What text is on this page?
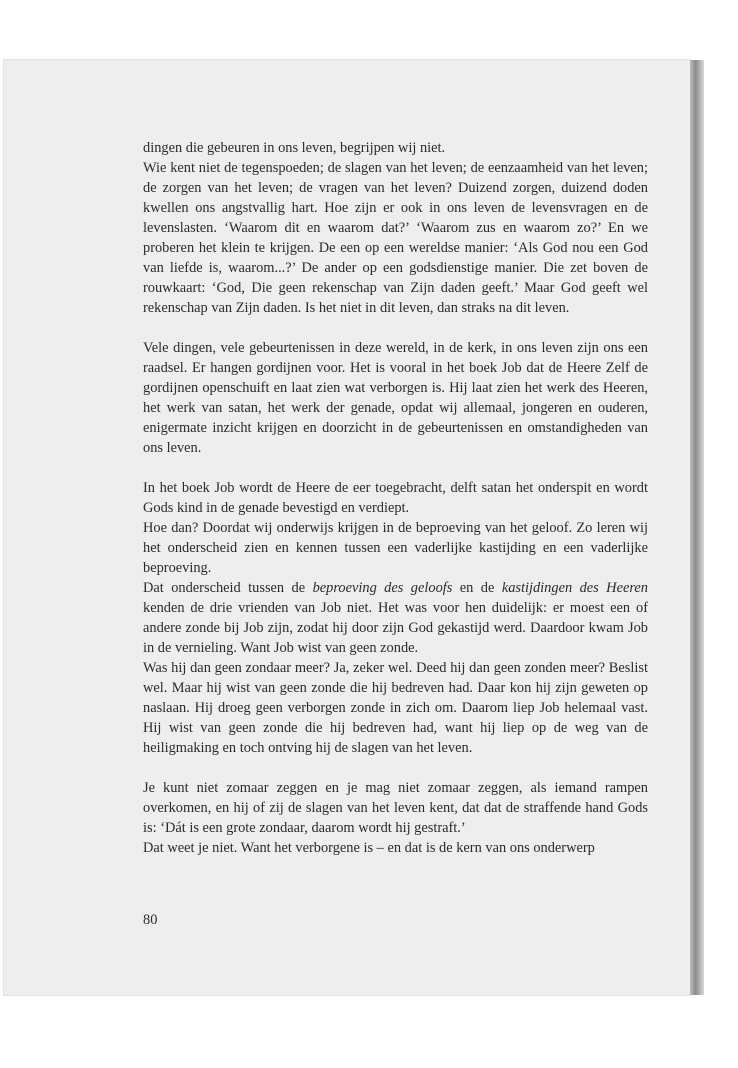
dingen die gebeuren in ons leven, begrijpen wij niet.

Wie kent niet de tegenspoeden; de slagen van het leven; de eenzaamheid van het leven; de zorgen van het leven; de vragen van het leven? Duizend zorgen, duizend doden kwellen ons angstvallig hart. Hoe zijn er ook in ons leven de levensvragen en de levenslasten. ‘Waarom dit en waarom dat?’ ‘Waarom zus en waarom zo?’ En we proberen het klein te krijgen. De een op een wereldse manier: ‘Als God nou een God van liefde is, waarom...?’ De ander op een godsdienstige manier. Die zet boven de rouwkaart: ‘God, Die geen rekenschap van Zijn daden geeft.’ Maar God geeft wel rekenschap van Zijn daden. Is het niet in dit leven, dan straks na dit leven.

Vele dingen, vele gebeurtenissen in deze wereld, in de kerk, in ons leven zijn ons een raadsel. Er hangen gordijnen voor. Het is vooral in het boek Job dat de Heere Zelf de gordijnen openschuift en laat zien wat verborgen is. Hij laat zien het werk des Heeren, het werk van satan, het werk der genade, opdat wij allemaal, jongeren en ouderen, enigermate inzicht krijgen en doorzicht in de gebeurtenissen en omstandigheden van ons leven.

In het boek Job wordt de Heere de eer toegebracht, delft satan het onderspit en wordt Gods kind in de genade bevestigd en verdiept.

Hoe dan? Doordat wij onderwijs krijgen in de beproeving van het geloof. Zo leren wij het onderscheid zien en kennen tussen een vaderlijke kastijding en een vaderlijke beproeving.

Dat onderscheid tussen de beproeving des geloofs en de kastijdingen des Heeren kenden de drie vrienden van Job niet. Het was voor hen duidelijk: er moest een of andere zonde bij Job zijn, zodat hij door zijn God gekastijd werd. Daardoor kwam Job in de vernieling. Want Job wist van geen zonde.

Was hij dan geen zondaar meer? Ja, zeker wel. Deed hij dan geen zonden meer? Beslist wel. Maar hij wist van geen zonde die hij bedreven had. Daar kon hij zijn geweten op naslaan. Hij droeg geen verborgen zonde in zich om. Daarom liep Job helemaal vast. Hij wist van geen zonde die hij bedreven had, want hij liep op de weg van de heiligmaking en toch ontving hij de slagen van het leven.

Je kunt niet zomaar zeggen en je mag niet zomaar zeggen, als iemand rampen overkomen, en hij of zij de slagen van het leven kent, dat dat de straffende hand Gods is: ‘Dát is een grote zondaar, daarom wordt hij gestraft.’

Dat weet je niet. Want het verborgene is – en dat is de kern van ons onderwerp

80
